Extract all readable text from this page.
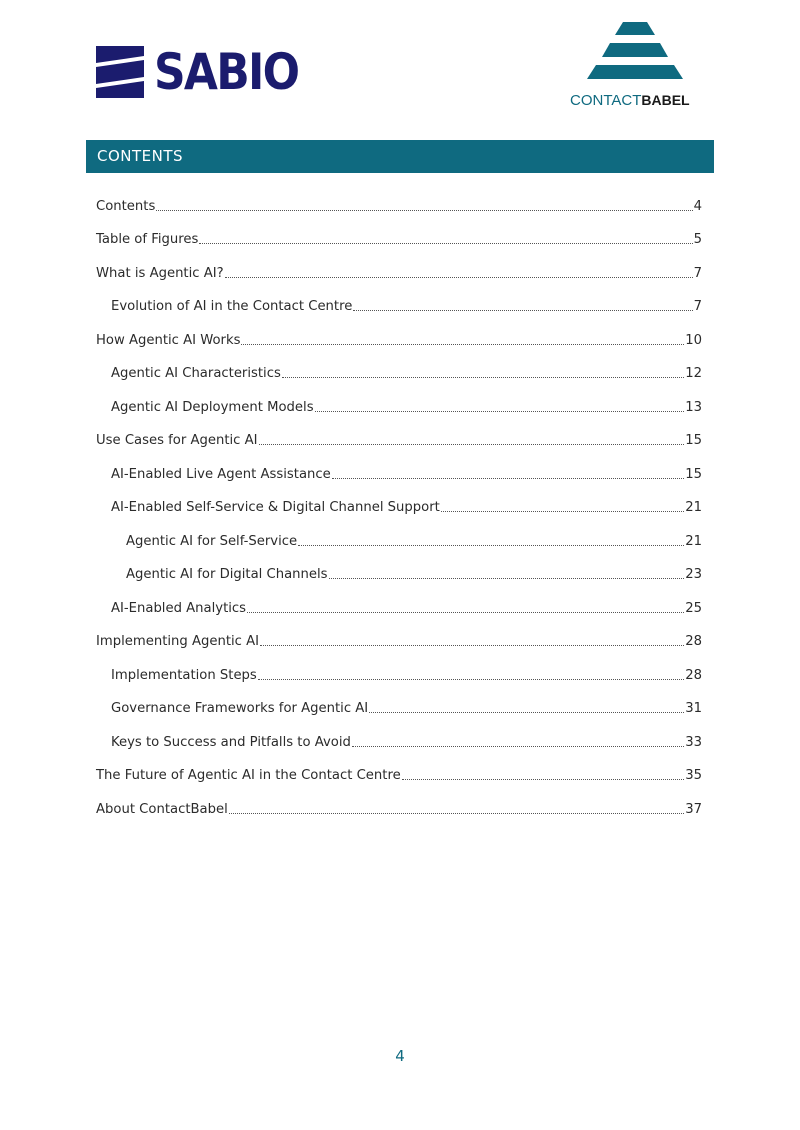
SABIO	CONTACTBABEL
CONTENTS
Contents	4
Table of Figures	5
What is Agentic AI?	7
Evolution of AI in the Contact Centre	7
How Agentic AI Works	10
Agentic AI Characteristics	12
Agentic AI Deployment Models	13
Use Cases for Agentic AI	15
AI-Enabled Live Agent Assistance	15
AI-Enabled Self-Service & Digital Channel Support	21
Agentic AI for Self-Service	21
Agentic AI for Digital Channels	23
AI-Enabled Analytics	25
Implementing Agentic AI	28
Implementation Steps	28
Governance Frameworks for Agentic AI	31
Keys to Success and Pitfalls to Avoid	33
The Future of Agentic AI in the Contact Centre	35
About ContactBabel	37
4
